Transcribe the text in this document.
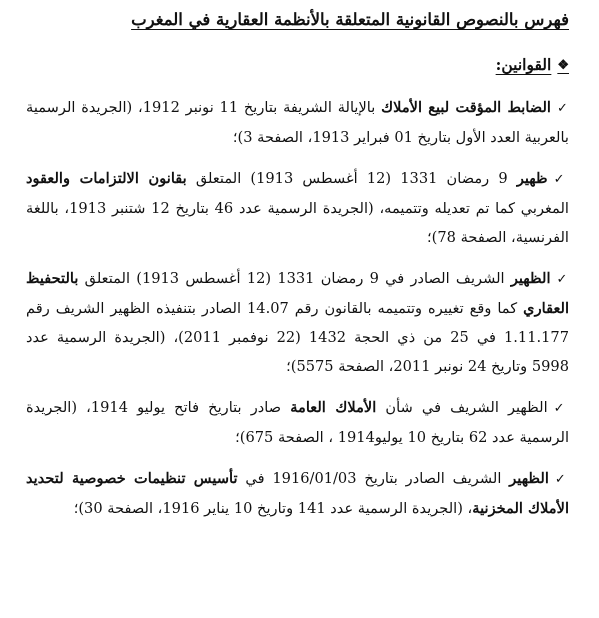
فهرس بالنصوص القانونية المتعلقة بالأنظمة العقارية في المغرب
❖
القوانين:
✓الضابط المؤقت لبيع الأملاك بالإيالة الشريفة بتاريخ 11 نونبر 1912، (الجريدة الرسمية بالعربية العدد الأول بتاريخ 01 فبراير 1913، الصفحة 3)؛
✓ظهير 9 رمضان 1331 (12 أغسطس 1913) المتعلق بقانون الالتزامات والعقود المغربي كما تم تعديله وتتميمه، (الجريدة الرسمية عدد 46 بتاريخ 12 شتنبر 1913، باللغة الفرنسية، الصفحة 78)؛
✓الظهير الشريف الصادر في 9 رمضان 1331 (12 أغسطس 1913) المتعلق بالتحفيظ العقاري كما وقع تغييره وتتميمه بالقانون رقم 14.07 الصادر بتنفيذه الظهير الشريف رقم 1.11.177 في 25 من ذي الحجة 1432 (22 نوفمبر 2011)، (الجريدة الرسمية عدد 5998 وتاريخ 24 نونبر 2011، الصفحة 5575)؛
✓الظهير الشريف في شأن الأملاك العامة صادر بتاريخ فاتح يوليو 1914، (الجريدة الرسمية عدد 62 بتاريخ 10 يوليو1914 ، الصفحة 675)؛
✓الظهير الشريف الصادر بتاريخ 1916/01/03 في تأسيس تنظيمات خصوصية لتحديد الأملاك المخزنية، (الجريدة الرسمية عدد 141 وتاريخ 10 يناير 1916، الصفحة 30)؛
